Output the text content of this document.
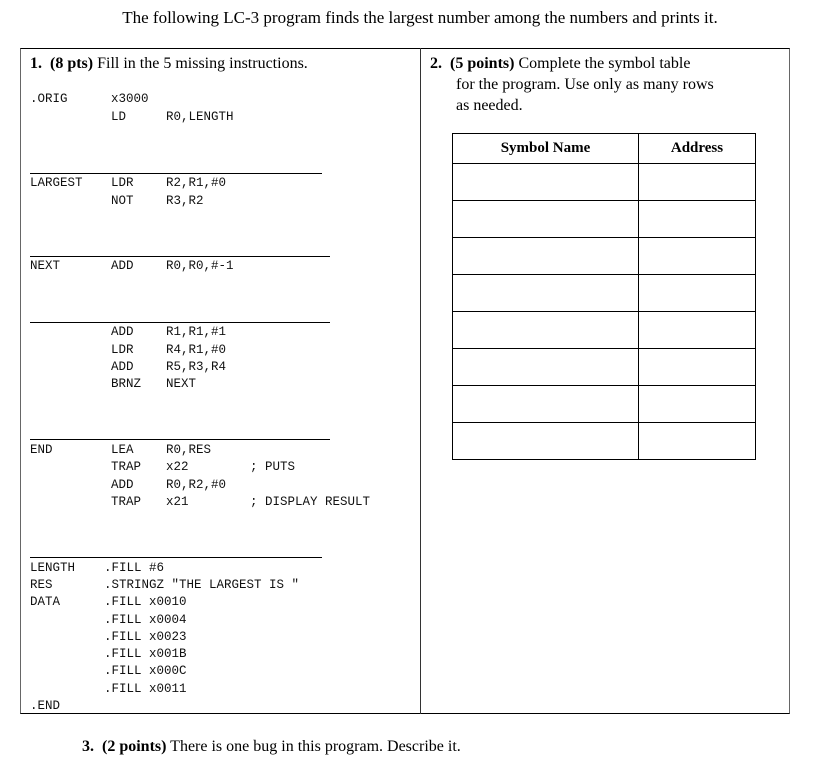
The following LC-3 program finds the largest number among the numbers and prints it.
1. (8 pts) Fill in the 5 missing instructions.	2. (5 points) Complete the symbol table
for the program. Use only as many rows
as needed.
.ORIG	x3000
LD	R0,LENGTH
LARGEST LDR	R2,R1,#0
NOT	R3,R2
NEXT	ADD	R0,R0,#-1
ADD	R1,R1,#1
LDR	R4,R1,#0
ADD	R5,R3,R4
BRNZ NEXT
END	LEA	R0,RES
TRAP x22	; PUTS
ADD	R0,R2,#0
TRAP x21	; DISPLAY RESULT
LENGTH .FILL #6
RES	.STRINGZ "THE LARGEST IS "
DATA	.FILL x0010
.FILL x0004
.FILL x0023
.FILL x001B
.FILL x000C
.FILL x0011
.END
Symbol Name	Address

3. (2 points) There is one bug in this program. Describe it.
